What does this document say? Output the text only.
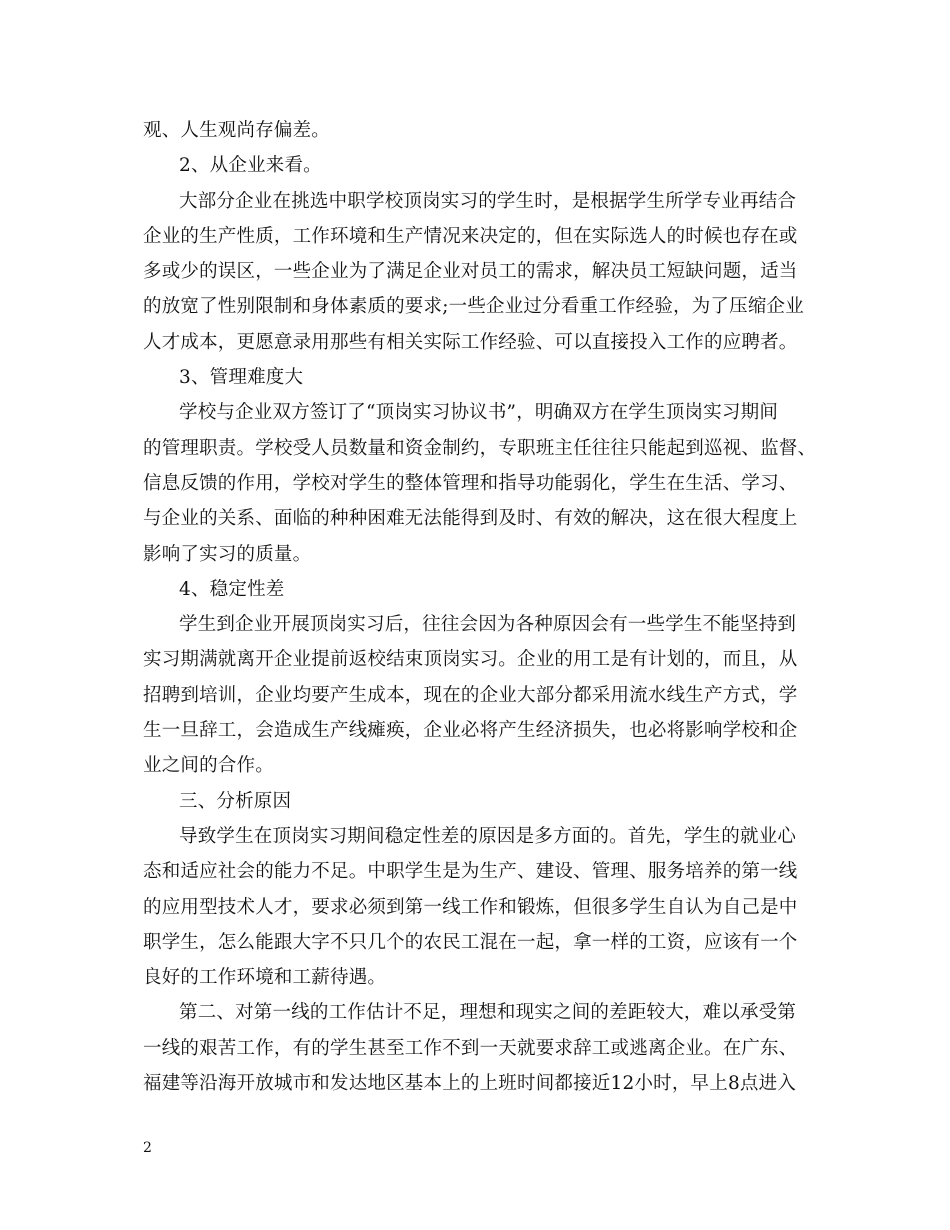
观、人生观尚存偏差。
2、从企业来看。
大部分企业在挑选中职学校顶岗实习的学生时，是根据学生所学专业再结合
企业的生产性质，工作环境和生产情况来决定的，但在实际选人的时候也存在或
多或少的误区，一些企业为了满足企业对员工的需求，解决员工短缺问题，适当
的放宽了性别限制和身体素质的要求;一些企业过分看重工作经验，为了压缩企业
人才成本，更愿意录用那些有相关实际工作经验、可以直接投入工作的应聘者。
3、管理难度大
学校与企业双方签订了“顶岗实习协议书”，明确双方在学生顶岗实习期间
的管理职责。学校受人员数量和资金制约，专职班主任往往只能起到巡视、监督、
信息反馈的作用，学校对学生的整体管理和指导功能弱化，学生在生活、学习、
与企业的关系、面临的种种困难无法能得到及时、有效的解决，这在很大程度上
影响了实习的质量。
4、稳定性差
学生到企业开展顶岗实习后，往往会因为各种原因会有一些学生不能坚持到
实习期满就离开企业提前返校结束顶岗实习。企业的用工是有计划的，而且，从
招聘到培训，企业均要产生成本，现在的企业大部分都采用流水线生产方式，学
生一旦辞工，会造成生产线瘫痪，企业必将产生经济损失，也必将影响学校和企
业之间的合作。
三、分析原因
导致学生在顶岗实习期间稳定性差的原因是多方面的。首先，学生的就业心
态和适应社会的能力不足。中职学生是为生产、建设、管理、服务培养的第一线
的应用型技术人才，要求必须到第一线工作和锻炼，但很多学生自认为自己是中
职学生，怎么能跟大字不只几个的农民工混在一起，拿一样的工资，应该有一个
良好的工作环境和工薪待遇。
第二、对第一线的工作估计不足，理想和现实之间的差距较大，难以承受第
一线的艰苦工作，有的学生甚至工作不到一天就要求辞工或逃离企业。在广东、
福建等沿海开放城市和发达地区基本上的上班时间都接近12小时，早上8点进入
2
